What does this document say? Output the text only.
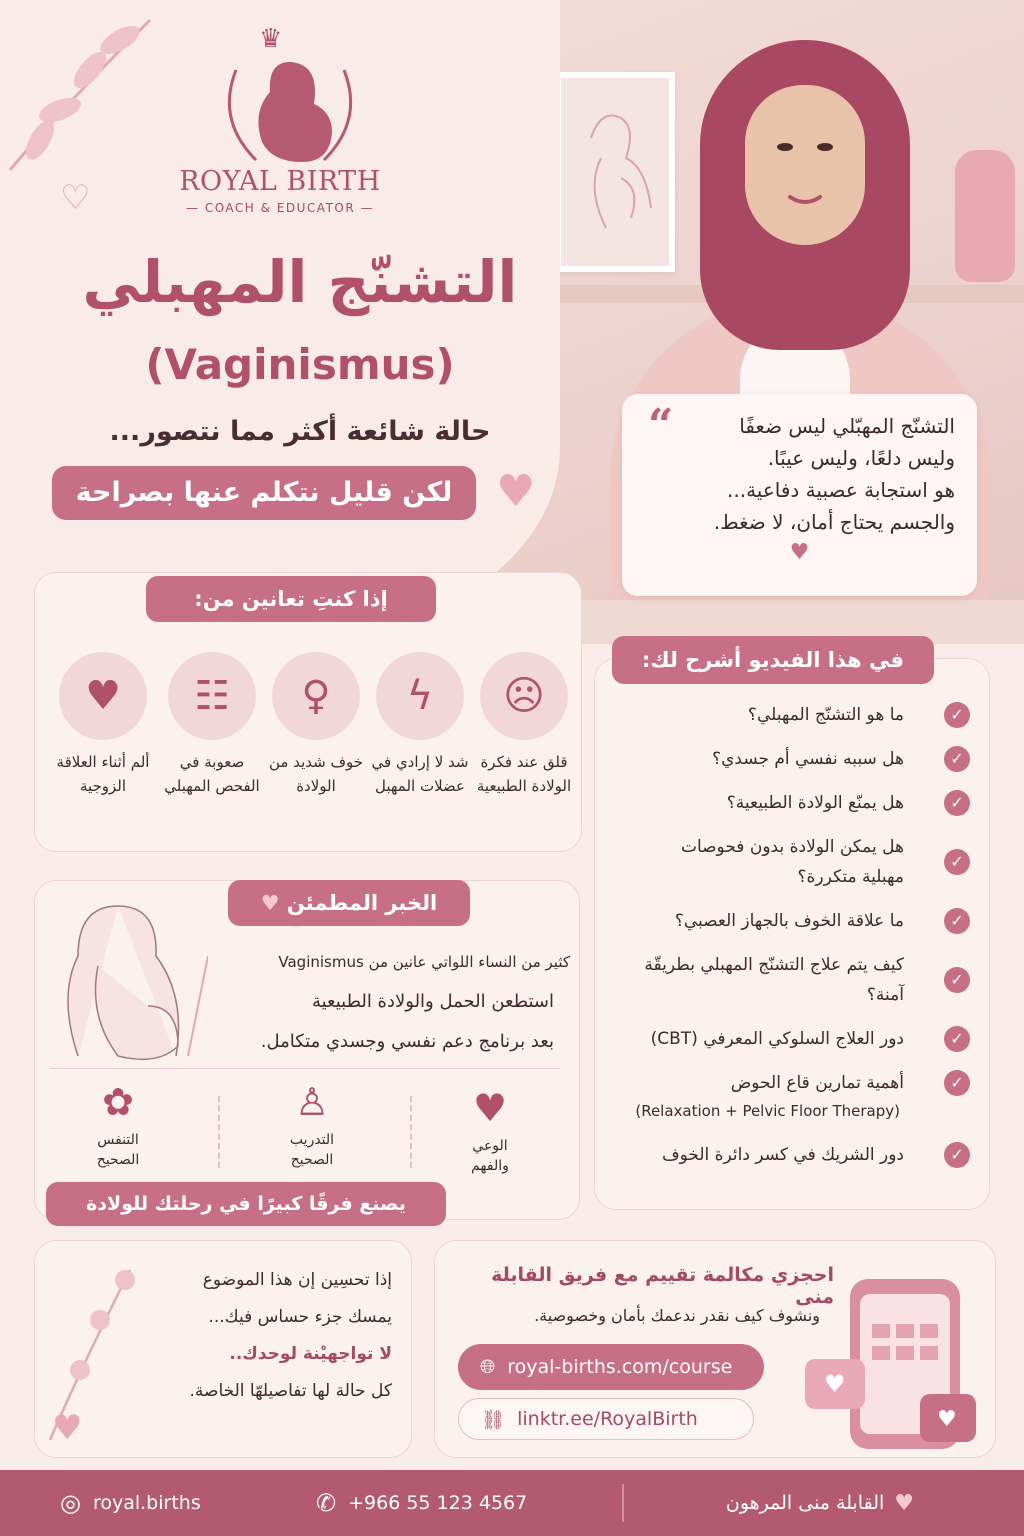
♡
♛
ROYAL BIRTH
— COACH & EDUCATOR —
التشنّج المهبلي
(Vaginismus)
حالة شائعة أكثر مما نتصور...
لكن قليل نتكلم عنها بصراحة ♥
التشنّج المهبّلي ليس ضعفًا
وليس دلعًا، وليس عيبًا.
هو استجابة عصبية دفاعية...
والجسم يحتاج أمان، لا ضغط.
♥
“
إذا كنتِ تعانين من:
☹
قلق عند فكرة الولادة الطبيعية
ϟ
شد لا إرادي في عضلات المهبل
♀
خوف شديد من الولادة
☷
صعوبة في الفحص المهبلي
♥
ألم أثناء العلاقة الزوجية
في هذا الفيديو أشرح لك:
ما هو التشنّج المهبلي؟	✓
هل سببه نفسي أم جسدي؟	✓
هل يمنّع الولادة الطبيعية؟	✓
هل يمكن الولادة بدون فحوصات مهبلية متكررة؟
✓
ما علاقة الخوف بالجهاز العصبي؟	✓
كيف يتم علاج التشنّج المهبلي بطريقّة آمنة؟
✓
دور العلاج السلوكي المعرفي (CBT)	✓
أهمية تمارين قاع الحوض	✓
(Relaxation + Pelvic Floor Therapy)
دور الشريك في كسر دائرة الخوف	✓
الخبر المطمئن ♥
كثير من النساء اللواتي عانين من Vaginismus
استطعن الحمل والولادة الطبيعية
بعد برنامج دعم نفسي وجسدي متكامل.
♥
الوعي والفهم
♙
التدريب الصحيح
✿
التنفس الصحيح
يصنع فرقًا كبيرًا في رحلتك للولادة
♥
إذا تحسِين إن هذا الموضوع
يمسك جزء حساس فيك...
لا تواجهيْنة لوحدك..
كل حالة لها تفاصيلهّا الخاصة.
احجزي مكالمة تقييم مع فريق القابلة منى
ونشوف كيف نقدر ندعمك بأمان وخصوصية.
🌐︎ royal-births.com/course
⛓ linktr.ee/RoyalBirth
♥
♥
◎ royal.births	✆ +966 55 123 4567	♥
القابلة منى المرهون
